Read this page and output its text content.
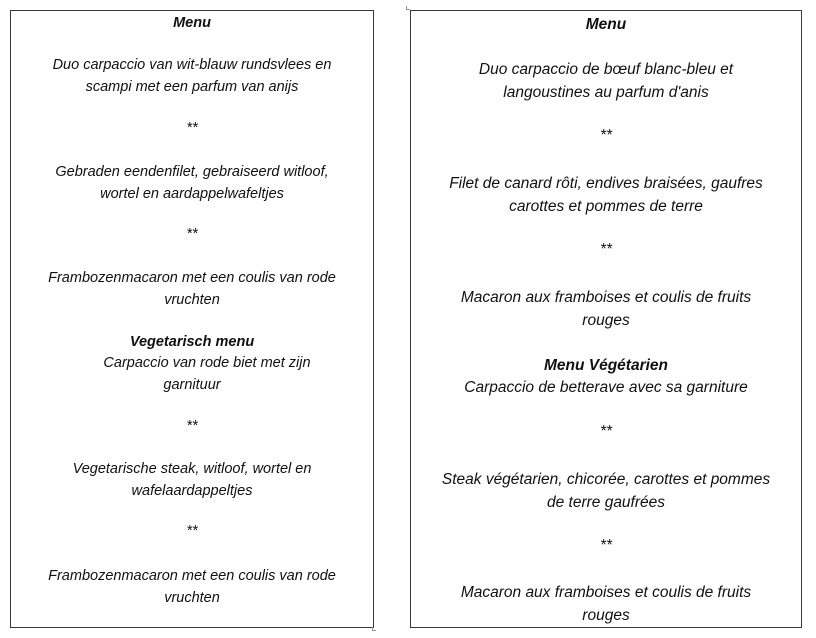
Menu
Duo carpaccio van wit-blauw rundsvlees en
scampi met een parfum van anijs
**
Gebraden eendenfilet, gebraiseerd witloof,
wortel en aardappelwafeltjes
**
Frambozenmacaron met een coulis van rode
vruchten
Vegetarisch menu
Carpaccio van rode biet met zijn
garnituur
**
Vegetarische steak, witloof, wortel en
wafelaardappeltjes
**
Frambozenmacaron met een coulis van rode
vruchten
Menu
Duo carpaccio de bœuf blanc-bleu et
langoustines au parfum d'anis
**
Filet de canard rôti, endives braisées, gaufres
carottes et pommes de terre
**
Macaron aux framboises et coulis de fruits
rouges
Menu Végétarien
Carpaccio de betterave avec sa garniture
**
Steak végétarien, chicorée, carottes et pommes
de terre gaufrées
**
Macaron aux framboises et coulis de fruits
rouges
